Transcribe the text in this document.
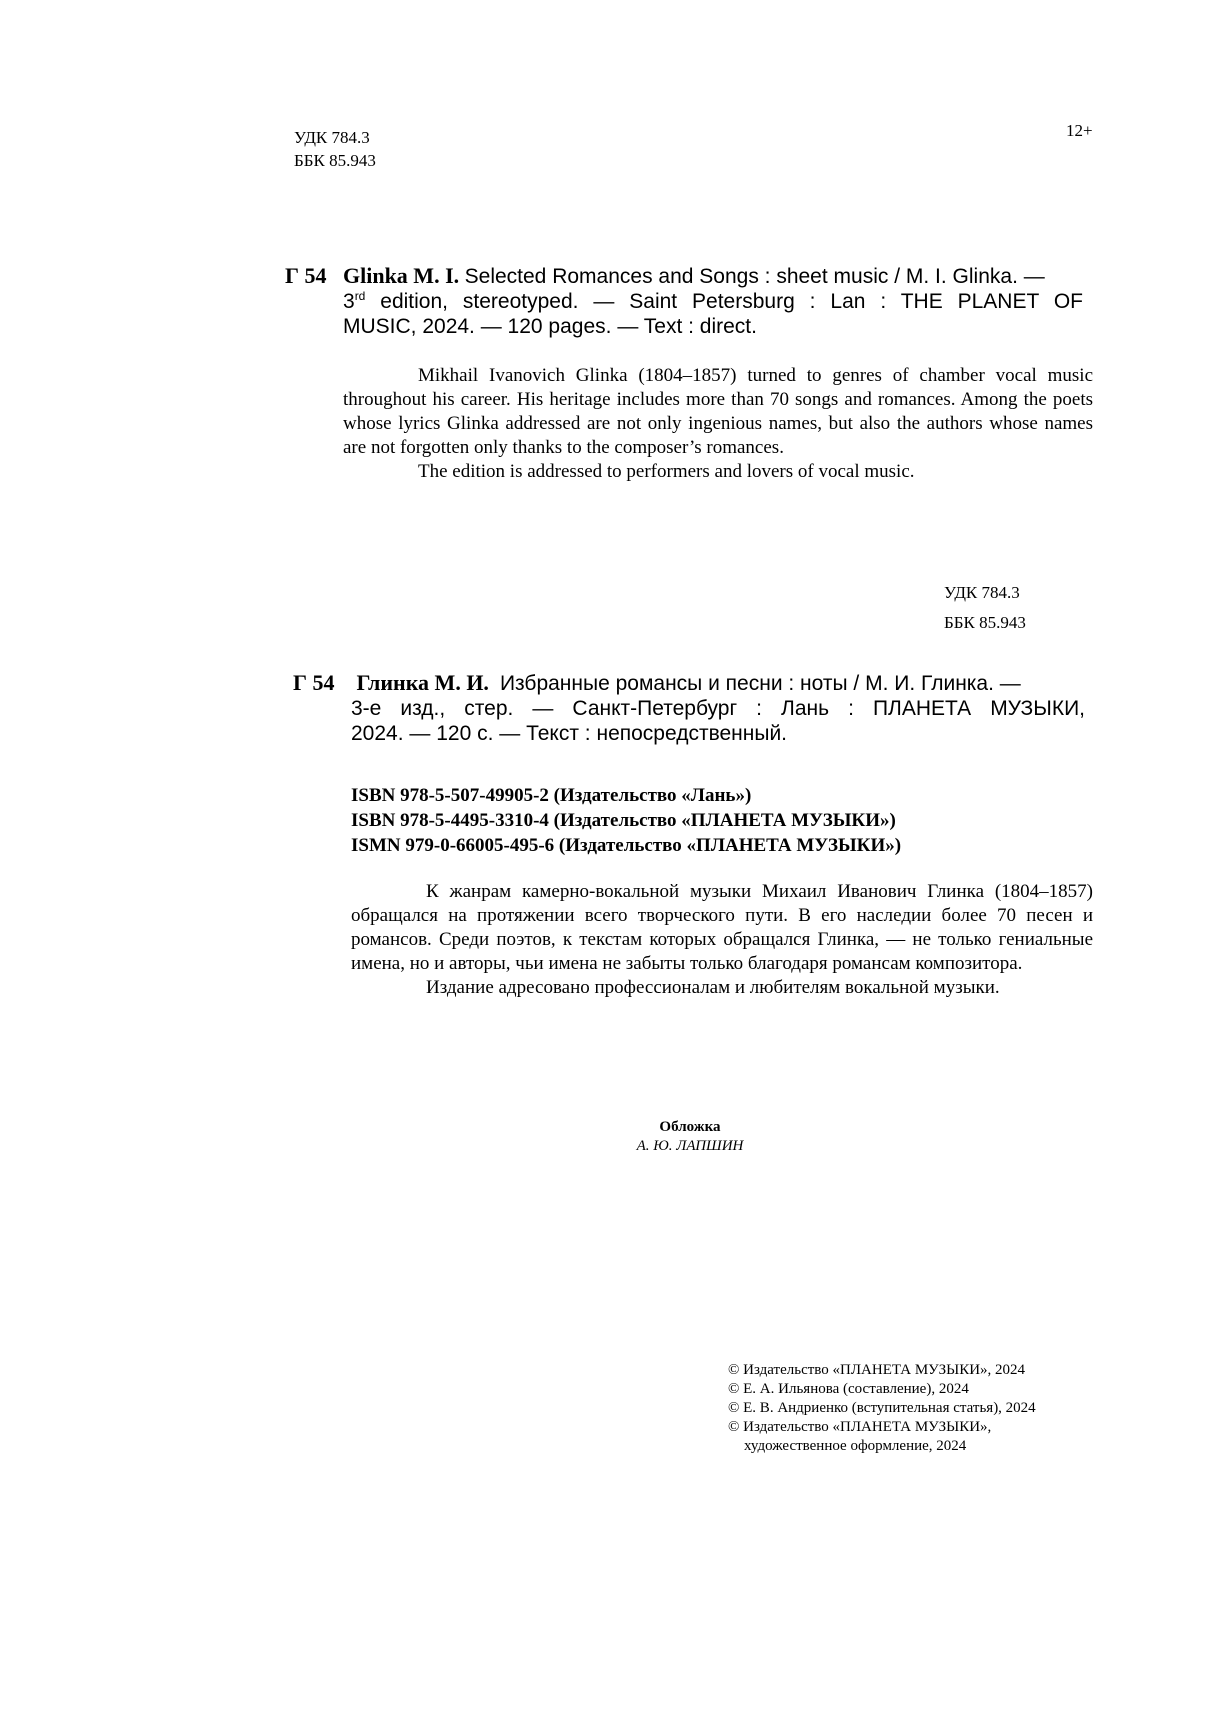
УДК 784.3
ББК 85.943
12+
Г 54 Glinka M. I. Selected Romances and Songs : sheet music / M. I. Glinka. —
3rd edition, stereotyped. — Saint Petersburg : Lan : THE PLANET OF
MUSIC, 2024. — 120 pages. — Text : direct.

Mikhail Ivanovich Glinka (1804–1857) turned to genres of chamber vocal music throughout his career. His heritage includes more than 70 songs and romances. Among the poets whose lyrics Glinka addressed are not only ingenious names, but also the authors whose names are not forgotten only thanks to the composer’s romances.

The edition is addressed to performers and lovers of vocal music.

УДК 784.3
ББК 85.943
Г 54 Глинка М. И. Избранные романсы и песни : ноты / М. И. Глинка. —
3-е изд., стер. — Санкт-Петербург : Лань : ПЛАНЕТА МУЗЫКИ,
2024. — 120 с. — Текст : непосредственный.
ISBN 978-5-507-49905-2 (Издательство «Лань»)
ISBN 978-5-4495-3310-4 (Издательство «ПЛАНЕТА МУЗЫКИ»)
ISMN 979-0-66005-495-6 (Издательство «ПЛАНЕТА МУЗЫКИ»)

К жанрам камерно-вокальной музыки Михаил Иванович Глинка (1804–1857) обращался на протяжении всего творческого пути. В его наследии более 70 песен и романсов. Среди поэтов, к текстам которых обращался Глинка, — не только гениальные имена, но и авторы, чьи имена не забыты только благодаря романсам композитора.

Издание адресовано профессионалам и любителям вокальной музыки.

Обложка
А. Ю. ЛАПШИН
© Издательство «ПЛАНЕТА МУЗЫКИ», 2024
© Е. А. Ильянова (составление), 2024
© Е. В. Андриенко (вступительная статья), 2024
© Издательство «ПЛАНЕТА МУЗЫКИ»,
художественное оформление, 2024
